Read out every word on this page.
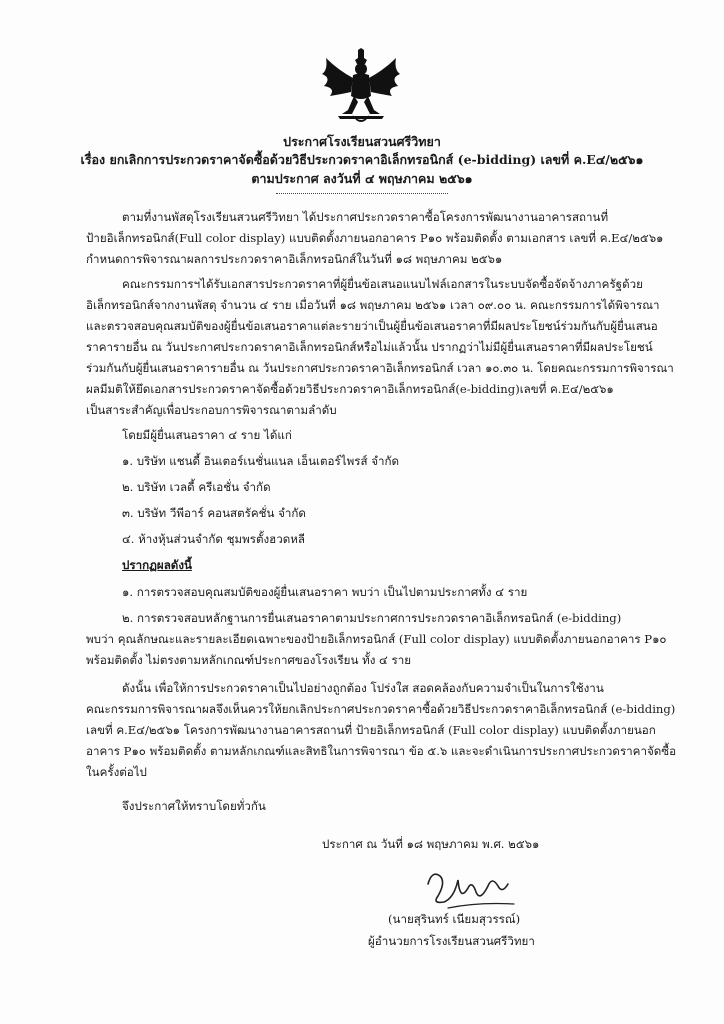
ประกาศโรงเรียนสวนศรีวิทยา
เรื่อง ยกเลิกการประกวดราคาจัดซื้อด้วยวิธีประกวดราคาอิเล็กทรอนิกส์ (e-bidding) เลขที่ ค.E๔/๒๕๖๑
ตามประกาศ ลงวันที่ ๔ พฤษภาคม ๒๕๖๑
ตามที่งานพัสดุโรงเรียนสวนศรีวิทยา ได้ประกาศประกวดราคาซื้อโครงการพัฒนางานอาคารสถานที่
ป้ายอิเล็กทรอนิกส์(Full color display) แบบติดตั้งภายนอกอาคาร P๑๐ พร้อมติดตั้ง ตามเอกสาร เลขที่ ค.E๔/๒๕๖๑
กำหนดการพิจารณาผลการประกวดราคาอิเล็กทรอนิกส์ในวันที่ ๑๘ พฤษภาคม ๒๕๖๑
คณะกรรมการฯได้รับเอกสารประกวดราคาที่ผู้ยื่นข้อเสนอแนบไฟล์เอกสารในระบบจัดซื้อจัดจ้างภาครัฐด้วย
อิเล็กทรอนิกส์จากงานพัสดุ จำนวน ๔ ราย เมื่อวันที่ ๑๘ พฤษภาคม ๒๕๖๑ เวลา ๐๙.๐๐ น. คณะกรรมการได้พิจารณา
และตรวจสอบคุณสมบัติของผู้ยื่นข้อเสนอราคาแต่ละรายว่าเป็นผู้ยื่นข้อเสนอราคาที่มีผลประโยชน์ร่วมกันกับผู้ยื่นเสนอ
ราคารายอื่น ณ วันประกาศประกวดราคาอิเล็กทรอนิกส์หรือไม่แล้วนั้น ปรากฏว่าไม่มีผู้ยื่นเสนอราคาที่มีผลประโยชน์
ร่วมกันกับผู้ยื่นเสนอราคารายอื่น ณ วันประกาศประกวดราคาอิเล็กทรอนิกส์ เวลา ๑๐.๓๐ น. โดยคณะกรรมการพิจารณา
ผลมีมติให้ยึดเอกสารประกวดราคาจัดซื้อด้วยวิธีประกวดราคาอิเล็กทรอนิกส์(e-bidding)เลขที่ ค.E๔/๒๕๖๑
เป็นสาระสำคัญเพื่อประกอบการพิจารณาตามลำดับ
โดยมีผู้ยื่นเสนอราคา ๔ ราย ได้แก่
๑. บริษัท แชนดี้ อินเตอร์เนชั่นแนล เอ็นเตอร์ไพรส์ จำกัด
๒. บริษัท เวลดี้ ครีเอชั่น จำกัด
๓. บริษัท วีพีอาร์ คอนสตรัคชั่น จำกัด
๔. ห้างหุ้นส่วนจำกัด ชุมพรตั้งฮวดหลี
ปรากฏผลดังนี้
๑. การตรวจสอบคุณสมบัติของผู้ยื่นเสนอราคา พบว่า เป็นไปตามประกาศทั้ง ๔ ราย
๒. การตรวจสอบหลักฐานการยื่นเสนอราคาตามประกาศการประกวดราคาอิเล็กทรอนิกส์ (e-bidding)
พบว่า คุณลักษณะและรายละเอียดเฉพาะของป้ายอิเล็กทรอนิกส์ (Full color display) แบบติดตั้งภายนอกอาคาร P๑๐
พร้อมติดตั้ง ไม่ตรงตามหลักเกณฑ์ประกาศของโรงเรียน ทั้ง ๔ ราย
ดังนั้น เพื่อให้การประกวดราคาเป็นไปอย่างถูกต้อง โปร่งใส สอดคล้องกับความจำเป็นในการใช้งาน
คณะกรรมการพิจารณาผลจึงเห็นควรให้ยกเลิกประกาศประกวดราคาซื้อด้วยวิธีประกวดราคาอิเล็กทรอนิกส์ (e-bidding)
เลขที่ ค.E๔/๒๕๖๑ โครงการพัฒนางานอาคารสถานที่ ป้ายอิเล็กทรอนิกส์ (Full color display) แบบติดตั้งภายนอก
อาคาร P๑๐ พร้อมติดตั้ง ตามหลักเกณฑ์และสิทธิในการพิจารณา ข้อ ๕.๖ และจะดำเนินการประกาศประกวดราคาจัดซื้อ
ในครั้งต่อไป
จึงประกาศให้ทราบโดยทั่วกัน
ประกาศ ณ วันที่ ๑๘ พฤษภาคม พ.ศ. ๒๕๖๑
(นายสุรินทร์ เนียมสุวรรณ์)
ผู้อำนวยการโรงเรียนสวนศรีวิทยา
